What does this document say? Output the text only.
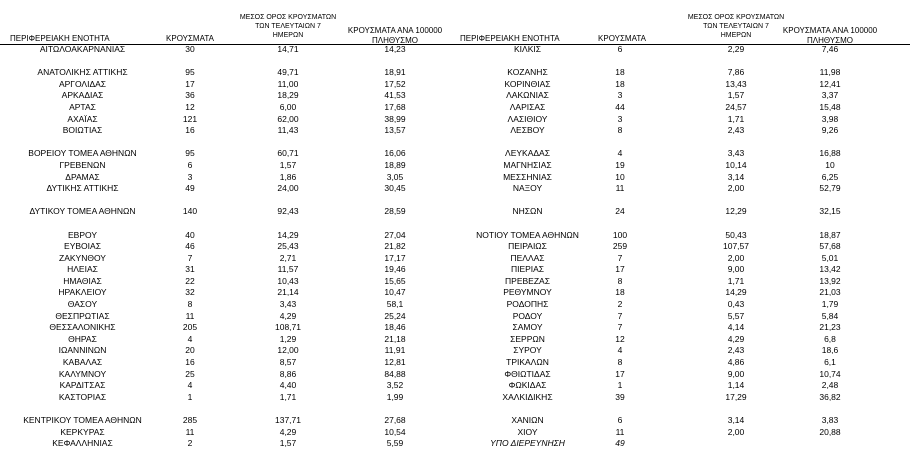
ΠΕΡΙΦΕΡΕΙΑΚΗ ΕΝΟΤΗΤΑ	ΚΡΟΥΣΜΑΤΑ
ΜΕΣΟΣ ΟΡΟΣ ΚΡΟΥΣΜΑΤΩΝ
ΤΩΝ ΤΕΛΕΥΤΑΙΩΝ 7
ΗΜΕΡΩΝ
ΚΡΟΥΣΜΑΤΑ ΑΝΑ 100000
ΠΛΗΘΥΣΜΟ
ΑΙΤΩΛΟΑΚΑΡΝΑΝΙΑΣ	30	14,71	14,23
ΑΝΑΤΟΛΙΚΗΣ ΑΤΤΙΚΗΣ	95	49,71	18,91
ΑΡΓΟΛΙΔΑΣ	17	11,00	17,52
ΑΡΚΑΔΙΑΣ	36	18,29	41,53
ΑΡΤΑΣ	12	6,00	17,68
ΑΧΑΪΑΣ	121	62,00	38,99
ΒΟΙΩΤΙΑΣ	16	11,43	13,57
ΒΟΡΕΙΟΥ ΤΟΜΕΑ ΑΘΗΝΩΝ	95	60,71	16,06
ΓΡΕΒΕΝΩΝ	6	1,57	18,89
ΔΡΑΜΑΣ	3	1,86	3,05
ΔΥΤΙΚΗΣ ΑΤΤΙΚΗΣ	49	24,00	30,45
ΔΥΤΙΚΟΥ ΤΟΜΕΑ ΑΘΗΝΩΝ	140	92,43	28,59
ΕΒΡΟΥ	40	14,29	27,04
ΕΥΒΟΙΑΣ	46	25,43	21,82
ΖΑΚΥΝΘΟΥ	7	2,71	17,17
ΗΛΕΙΑΣ	31	11,57	19,46
ΗΜΑΘΙΑΣ	22	10,43	15,65
ΗΡΑΚΛΕΙΟΥ	32	21,14	10,47
ΘΑΣΟΥ	8	3,43	58,1
ΘΕΣΠΡΩΤΙΑΣ	11	4,29	25,24
ΘΕΣΣΑΛΟΝΙΚΗΣ	205	108,71	18,46
ΘΗΡΑΣ	4	1,29	21,18
ΙΩΑΝΝΙΝΩΝ	20	12,00	11,91
ΚΑΒΑΛΑΣ	16	8,57	12,81
ΚΑΛΥΜΝΟΥ	25	8,86	84,88
ΚΑΡΔΙΤΣΑΣ	4	4,40	3,52
ΚΑΣΤΟΡΙΑΣ	1	1,71	1,99
ΚΕΝΤΡΙΚΟΥ ΤΟΜΕΑ ΑΘΗΝΩΝ	285	137,71	27,68
ΚΕΡΚΥΡΑΣ	11	4,29	10,54
ΚΕΦΑΛΛΗΝΙΑΣ	2	1,57	5,59
ΠΕΡΙΦΕΡΕΙΑΚΗ ΕΝΟΤΗΤΑ	ΚΡΟΥΣΜΑΤΑ
ΜΕΣΟΣ ΟΡΟΣ ΚΡΟΥΣΜΑΤΩΝ
ΤΩΝ ΤΕΛΕΥΤΑΙΩΝ 7
ΗΜΕΡΩΝ
ΚΡΟΥΣΜΑΤΑ ΑΝΑ 100000
ΠΛΗΘΥΣΜΟ
ΚΙΛΚΙΣ	6	2,29	7,46
ΚΟΖΑΝΗΣ	18	7,86	11,98
ΚΟΡΙΝΘΙΑΣ	18	13,43	12,41
ΛΑΚΩΝΙΑΣ	3	1,57	3,37
ΛΑΡΙΣΑΣ	44	24,57	15,48
ΛΑΣΙΘΙΟΥ	3	1,71	3,98
ΛΕΣΒΟΥ	8	2,43	9,26
ΛΕΥΚΑΔΑΣ	4	3,43	16,88
ΜΑΓΝΗΣΙΑΣ	19	10,14	10
ΜΕΣΣΗΝΙΑΣ	10	3,14	6,25
ΝΑΞΟΥ	11	2,00	52,79
ΝΗΣΩΝ	24	12,29	32,15
ΝΟΤΙΟΥ ΤΟΜΕΑ ΑΘΗΝΩΝ	100	50,43	18,87
ΠΕΙΡΑΙΩΣ	259	107,57	57,68
ΠΕΛΛΑΣ	7	2,00	5,01
ΠΙΕΡΙΑΣ	17	9,00	13,42
ΠΡΕΒΕΖΑΣ	8	1,71	13,92
ΡΕΘΥΜΝΟΥ	18	14,29	21,03
ΡΟΔΟΠΗΣ	2	0,43	1,79
ΡΟΔΟΥ	7	5,57	5,84
ΣΑΜΟΥ	7	4,14	21,23
ΣΕΡΡΩΝ	12	4,29	6,8
ΣΥΡΟΥ	4	2,43	18,6
ΤΡΙΚΑΛΩΝ	8	4,86	6,1
ΦΘΙΩΤΙΔΑΣ	17	9,00	10,74
ΦΩΚΙΔΑΣ	1	1,14	2,48
ΧΑΛΚΙΔΙΚΗΣ	39	17,29	36,82
ΧΑΝΙΩΝ	6	3,14	3,83
ΧΙΟΥ	11	2,00	20,88
ΥΠΟ ΔΙΕΡΕΥΝΗΣΗ	49
